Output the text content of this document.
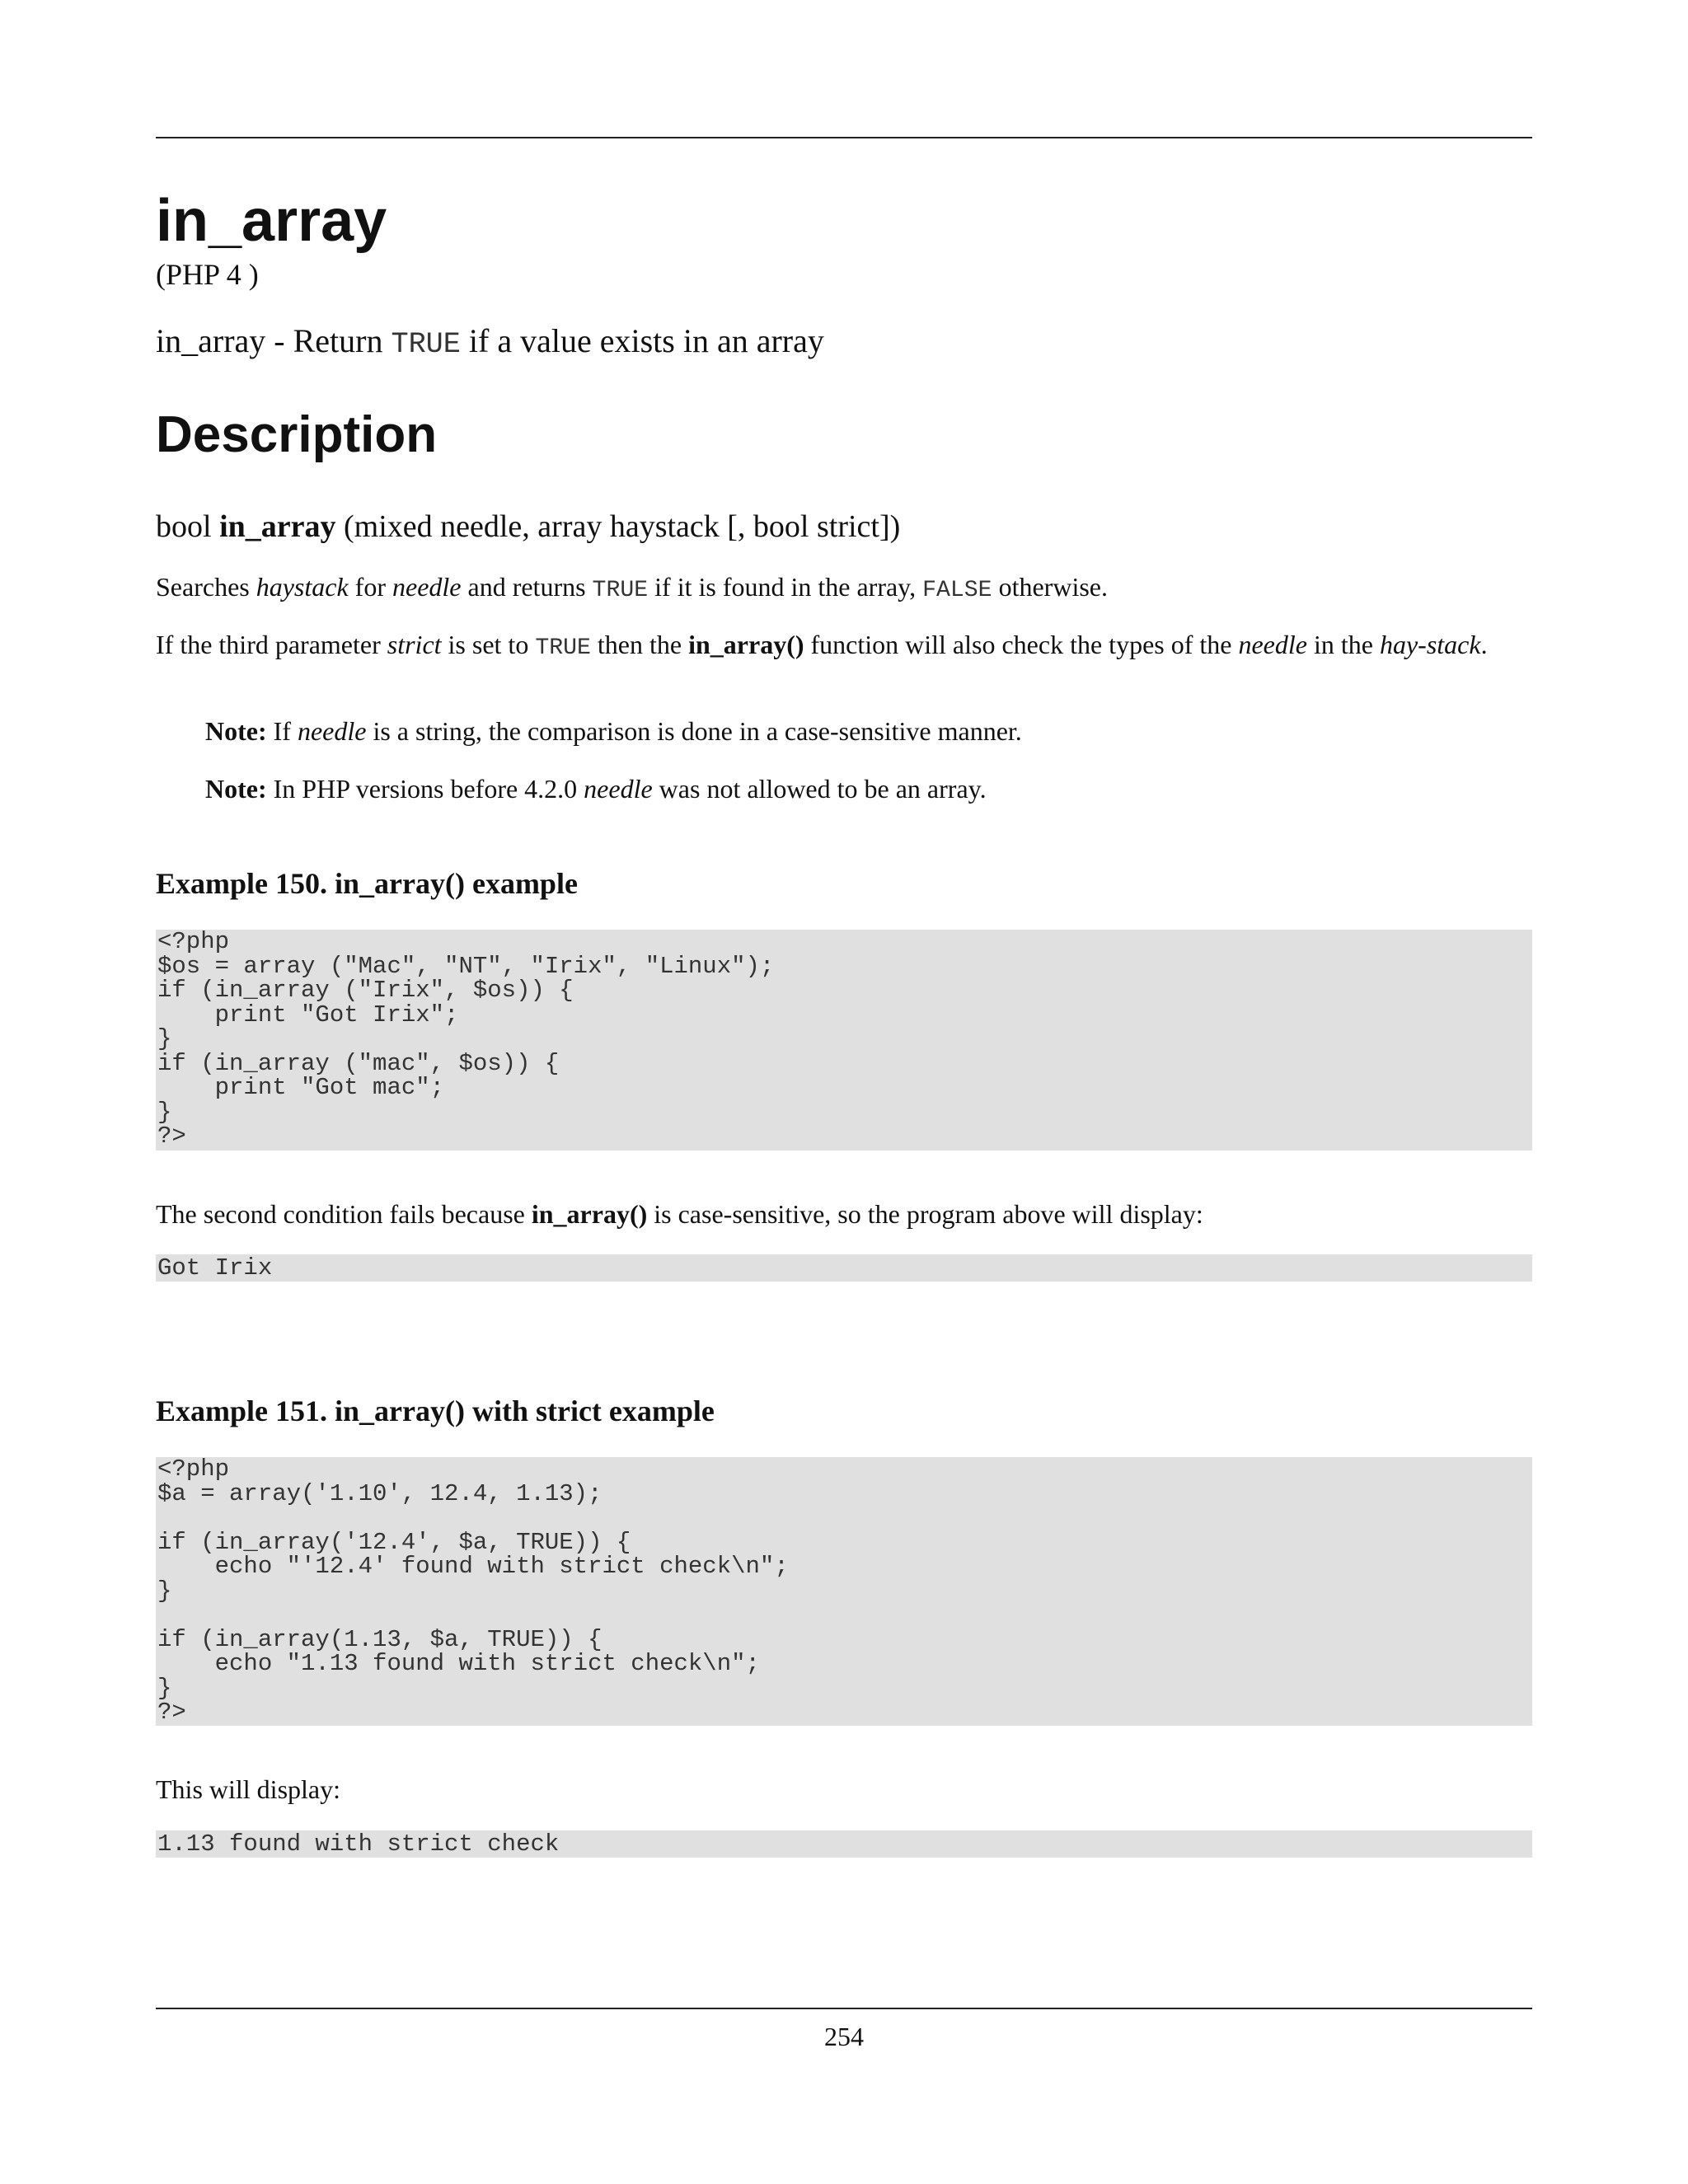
in_array
(PHP 4 )
in_array - Return TRUE if a value exists in an array
Description
bool in_array (mixed needle, array haystack [, bool strict])
Searches haystack for needle and returns TRUE if it is found in the array, FALSE otherwise.
If the third parameter strict is set to TRUE then the in_array() function will also check the types of the needle in the hay-stack.
Note: If needle is a string, the comparison is done in a case-sensitive manner.
Note: In PHP versions before 4.2.0 needle was not allowed to be an array.
Example 150. in_array() example
<?php
$os = array ("Mac", "NT", "Irix", "Linux");
if (in_array ("Irix", $os)) {
print "Got Irix";
}
if (in_array ("mac", $os)) {
print "Got mac";
}
?>
The second condition fails because in_array() is case-sensitive, so the program above will display:
Got Irix
Example 151. in_array() with strict example
<?php
$a = array('1.10', 12.4, 1.13);

if (in_array('12.4', $a, TRUE)) {
echo "'12.4' found with strict check\n";
}

if (in_array(1.13, $a, TRUE)) {
echo "1.13 found with strict check\n";
}
?>
This will display:
1.13 found with strict check
254
